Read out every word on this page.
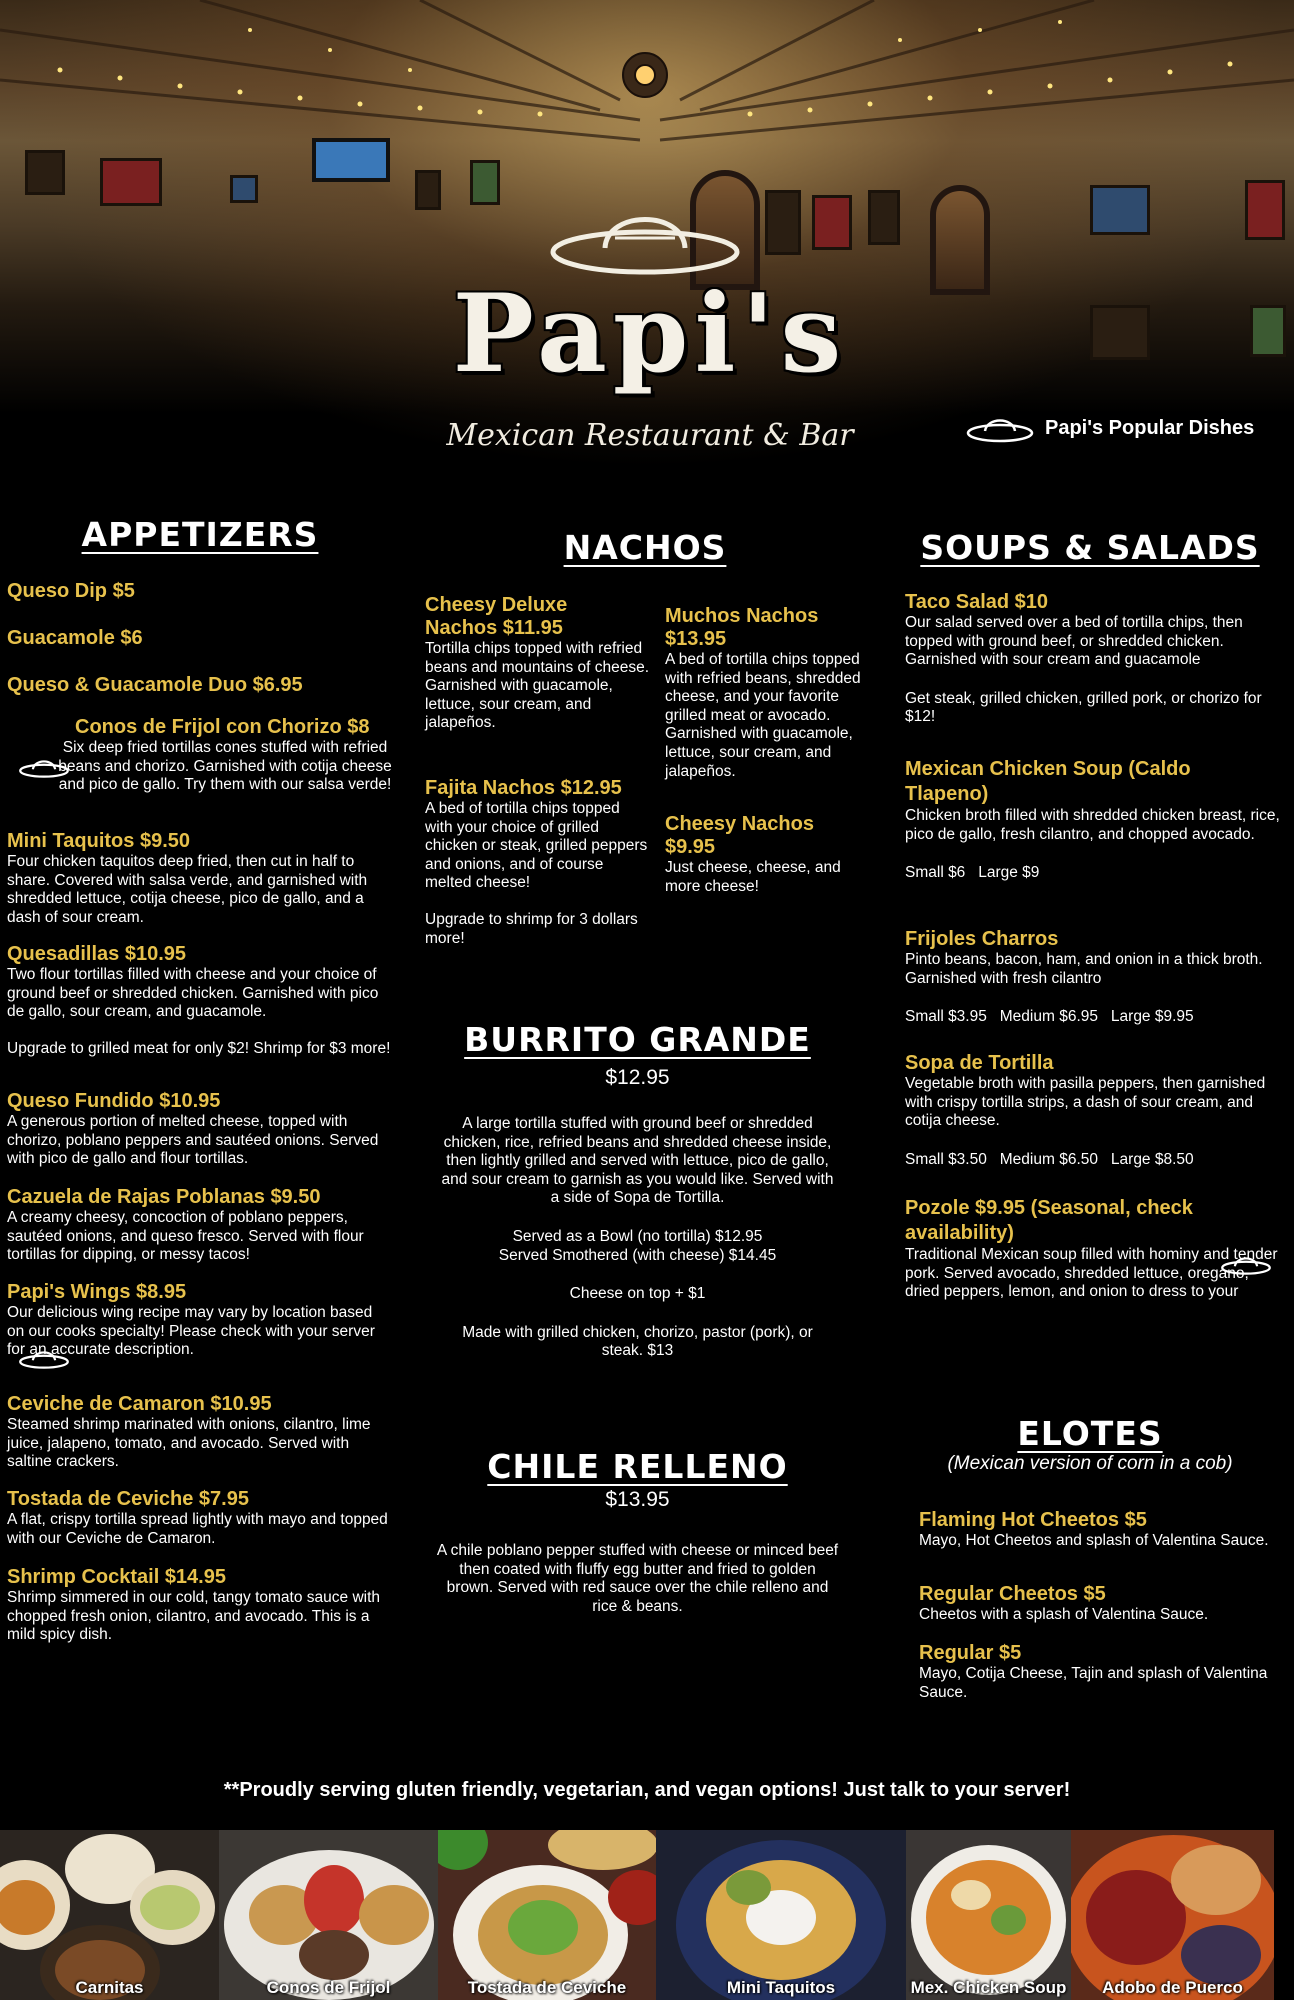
Papi's
Mexican Restaurant & Bar	Papi's Popular Dishes
APPETIZERS
Queso Dip $5
Guacamole $6
Queso & Guacamole Duo $6.95
Conos de Frijol con Chorizo $8
Six deep fried tortillas cones stuffed with refried beans and chorizo. Garnished with cotija cheese and pico de gallo. Try them with our salsa verde!
Mini Taquitos $9.50
Four chicken taquitos deep fried, then cut in half to share. Covered with salsa verde, and garnished with shredded lettuce, cotija cheese, pico de gallo, and a dash of sour cream.
Quesadillas $10.95
Two flour tortillas filled with cheese and your choice of ground beef or shredded chicken. Garnished with pico de gallo, sour cream, and guacamole.
Upgrade to grilled meat for only $2! Shrimp for $3 more!
Queso Fundido $10.95
A generous portion of melted cheese, topped with chorizo, poblano peppers and sautéed onions. Served with pico de gallo and flour tortillas.
Cazuela de Rajas Poblanas $9.50
A creamy cheesy, concoction of poblano peppers, sautéed onions, and queso fresco. Served with flour tortillas for dipping, or messy tacos!
Papi's Wings $8.95
Our delicious wing recipe may vary by location based on our cooks specialty! Please check with your server for an accurate description.
Ceviche de Camaron $10.95
Steamed shrimp marinated with onions, cilantro, lime juice, jalapeno, tomato, and avocado. Served with saltine crackers.
Tostada de Ceviche $7.95
A flat, crispy tortilla spread lightly with mayo and topped with our Ceviche de Camaron.
Shrimp Cocktail $14.95
Shrimp simmered in our cold, tangy tomato sauce with chopped fresh onion, cilantro, and avocado. This is a mild spicy dish.
NACHOS
Cheesy Deluxe Nachos $11.95
Tortilla chips topped with refried beans and mountains of cheese. Garnished with guacamole, lettuce, sour cream, and jalapeños.
Fajita Nachos $12.95
A bed of tortilla chips topped with your choice of grilled chicken or steak, grilled peppers and onions, and of course melted cheese!
Upgrade to shrimp for 3 dollars more!
Muchos Nachos $13.95
A bed of tortilla chips topped with refried beans, shredded cheese, and your favorite grilled meat or avocado. Garnished with guacamole, lettuce, sour cream, and jalapeños.
Cheesy Nachos $9.95
Just cheese, cheese, and more cheese!
BURRITO GRANDE
$12.95
A large tortilla stuffed with ground beef or shredded chicken, rice, refried beans and shredded cheese inside, then lightly grilled and served with lettuce, pico de gallo, and sour cream to garnish as you would like. Served with a side of Sopa de Tortilla.
Served as a Bowl (no tortilla) $12.95
Served Smothered (with cheese) $14.45
Cheese on top + $1
Made with grilled chicken, chorizo, pastor (pork), or steak. $13
CHILE RELLENO
$13.95
A chile poblano pepper stuffed with cheese or minced beef then coated with fluffy egg butter and fried to golden brown. Served with red sauce over the chile relleno and rice & beans.
SOUPS & SALADS
Taco Salad $10
Our salad served over a bed of tortilla chips, then topped with ground beef, or shredded chicken. Garnished with sour cream and guacamole
Get steak, grilled chicken, grilled pork, or chorizo for $12!
Mexican Chicken Soup (Caldo Tlapeno)
Chicken broth filled with shredded chicken breast, rice, pico de gallo, fresh cilantro, and chopped avocado.
Small $6   Large $9
Frijoles Charros
Pinto beans, bacon, ham, and onion in a thick broth. Garnished with fresh cilantro
Small $3.95   Medium $6.95   Large $9.95
Sopa de Tortilla
Vegetable broth with pasilla peppers, then garnished with crispy tortilla strips, a dash of sour cream, and cotija cheese.
Small $3.50   Medium $6.50   Large $8.50
Pozole $9.95 (Seasonal, check availability)
Traditional Mexican soup filled with hominy and tender pork. Served avocado, shredded lettuce, oregano, dried peppers, lemon, and onion to dress to your
ELOTES
(Mexican version of corn in a cob)
Flaming Hot Cheetos $5
Mayo, Hot Cheetos and splash of Valentina Sauce.
Regular Cheetos $5
Cheetos with a splash of Valentina Sauce.
Regular $5
Mayo, Cotija Cheese, Tajin and splash of Valentina Sauce.
**Proudly serving gluten friendly, vegetarian, and vegan options! Just talk to your server!
Carnitas	Conos de Frijol	Tostada de Ceviche	Mini Taquitos	Mex. Chicken Soup	Adobo de Puerco
